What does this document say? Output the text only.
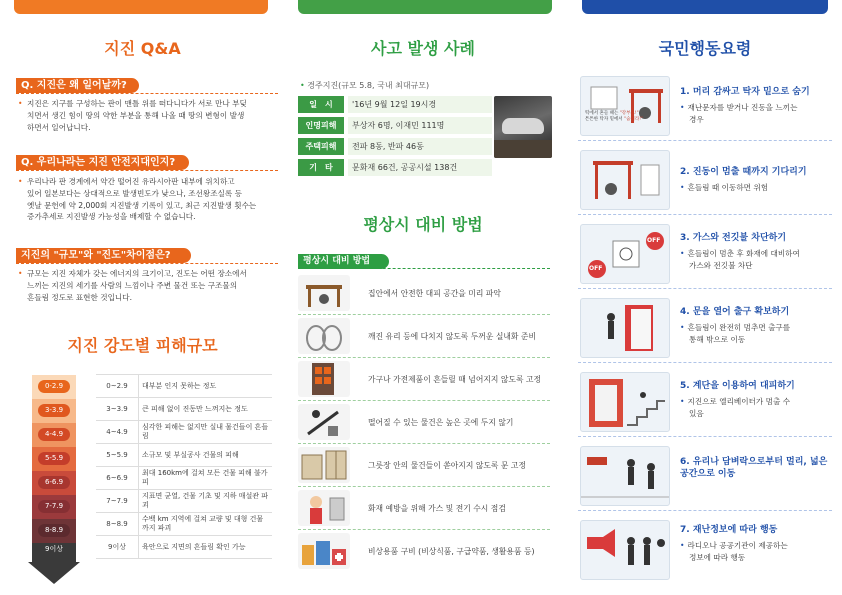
지진 Q&A
Q. 지진은 왜 일어날까?
• 지진은 지구를 구성하는 판이 맨틀 위를 떠다니다가 서로 만나 부딪
치면서 생긴 힘이 땅의 약한 부분을 통해 나올 때 땅의 변형이 발생
하면서 일어납니다.
Q. 우리나라는 지진 안전지대인지?
• 우리나라 판 경계에서 약간 떨어진 유라시아판 내부에 위치하고
있어 일본보다는 상대적으로 발생빈도가 낮으나, 조선왕조실록 등
옛날 문헌에 약 2,000회 지진발생 기록이 있고, 최근 지진발생 횟수는
증가추세로 지진발생 가능성을 배제할 수 없습니다.
지진의 "규모"와 "진도"차이점은?
• 규모는 지진 자체가 갖는 에너지의 크기이고, 진도는 어떤 장소에서
느끼는 지진의 세기를 사람의 느낌이나 주변 물건 또는 구조물의
흔들림 정도로 표현한 것입니다.
지진 강도별 피해규모
0-2.9
3-3.9
4-4.9
5-5.9
6-6.9
7-7.9
8-8.9
9이상
0~2.9	대부분 인지 못하는 정도
3~3.9	큰 피해 없이 진동만 느껴지는 정도
4~4.9	심각한 피해는 없지만 실내 물건들이 흔들림
5~5.9	소규모 및 부실공사 건물의 피해
6~6.9	최대 160km에 걸쳐 모든 건물 피해 불가피
7~7.9	지표면 균열, 건물 기초 및 지하 매설관 파괴
8~8.9	수백 km 지역에 걸쳐 교량 및 대형 건물까지 파괴
9이상	육안으로 지면의 흔들림 확인 가능
사고 발생 사례
• 경주지진(규모 5.8, 국내 최대규모)
일　시	'16년 9월 12일 19시경
인명피해	부상자 6명, 이재민 111명
주택피해	전파 8동, 반파 46동
기　타	문화재 66건, 공공시설 138건
평상시 대비 방법
평상시 대비 방법
집안에서 안전한 대피 공간을 미리 파악
깨진 유리 등에 다치지 않도록 두꺼운 실내화 준비
가구나 가전제품이 흔들릴 때 넘어지지 않도록 고정
떨어질 수 있는 물건은 높은 곳에 두지 않기
그릇장 안의 물건들이 쏟아지지 않도록 문 고정
화재 예방을 위해 가스 및 전기 수시 점검
비상용품 구비 (비상식품, 구급약품, 생활용품 등)
국민행동요령
떡에서 흔들 때는 "강부보!"
튼튼한 탁자 밑에서 "숨어라!"
1. 머리 감싸고 탁자 밑으로 숨기
• 재난문자를 받거나 진동을 느끼는
경우
2. 진동이 멈출 때까지 기다리기
• 흔들림 때 이동하면 위험
OFF
OFF
3. 가스와 전깃불 차단하기
• 흔들림이 멈춘 후 화재에 대비하여
가스와 전깃불 차단
4. 문을 열어 출구 확보하기
• 흔들림이 완전히 멈추면 출구를
통해 밖으로 이동
5. 계단을 이용하여 대피하기
• 지진으로 엘리베이터가 멈출 수
있음
6. 유리나 담벼락으로부터 멀리, 넓은 공간으로 이동
7. 재난정보에 따라 행동
• 라디오나 공공기관이 제공하는
정보에 따라 행동
